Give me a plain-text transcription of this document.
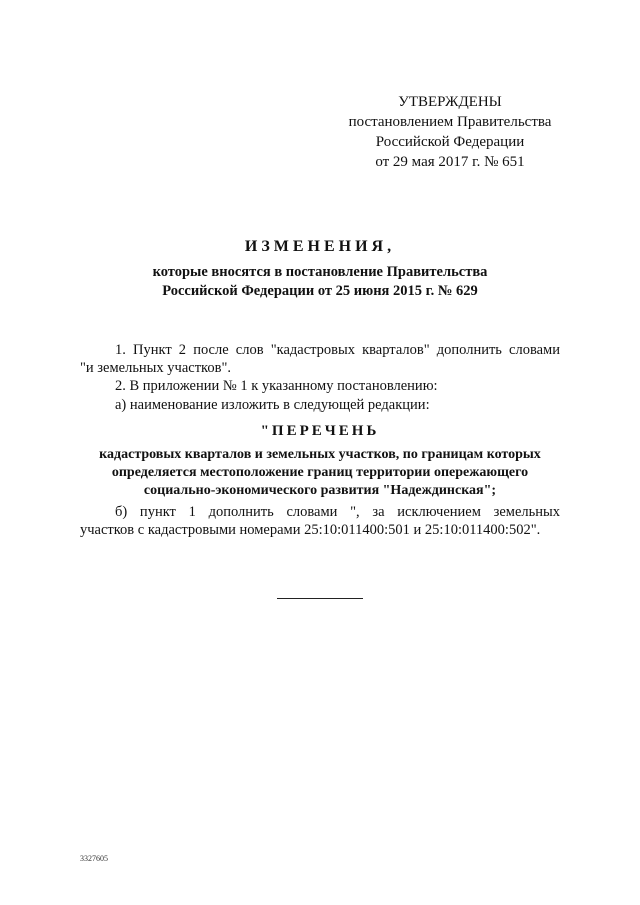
УТВЕРЖДЕНЫ
постановлением Правительства
Российской Федерации
от 29 мая 2017 г. № 651
ИЗМЕНЕНИЯ,
которые вносятся в постановление Правительства
Российской Федерации от 25 июня 2015 г. № 629
1. Пункт 2 после слов "кадастровых кварталов" дополнить словами
"и земельных участков".
2. В приложении № 1 к указанному постановлению:
а) наименование изложить в следующей редакции:
"ПЕРЕЧЕНЬ
кадастровых кварталов и земельных участков, по границам которых
определяется местоположение границ территории опережающего
социально-экономического развития "Надеждинская";
б) пункт 1 дополнить словами ", за исключением земельных
участков с кадастровыми номерами 25:10:011400:501 и 25:10:011400:502".
3327605
